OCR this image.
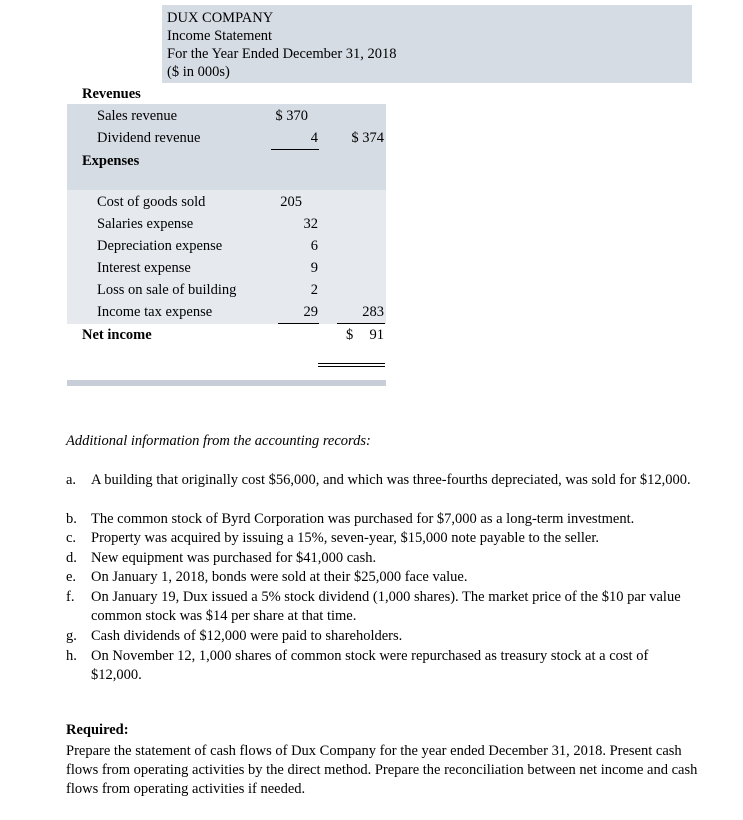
DUX COMPANY
Income Statement
For the Year Ended December 31, 2018
($ in 000s)
Revenues
Sales revenue	$ 370
Dividend revenue	4	$ 374
Expenses
Cost of goods sold	205
Salaries expense	32
Depreciation expense	6
Interest expense	9
Loss on sale of building	2
Income tax expense	29	283
Net income	$	91
Additional information from the accounting records:
a.	A building that originally cost $56,000, and which was three-fourths depreciated, was sold for $12,000.
b. The common stock of Byrd Corporation was purchased for $7,000 as a long-term investment.
c.	Property was acquired by issuing a 15%, seven-year, $15,000 note payable to the seller.
d. New equipment was purchased for $41,000 cash.
e.	On January 1, 2018, bonds were sold at their $25,000 face value.
f.	On January 19, Dux issued a 5% stock dividend (1,000 shares). The market price of the $10 par value common stock was $14 per share at that time.
g. Cash dividends of $12,000 were paid to shareholders.
h. On November 12, 1,000 shares of common stock were repurchased as treasury stock at a cost of $12,000.
Required:
Prepare the statement of cash flows of Dux Company for the year ended December 31, 2018. Present cash flows from operating activities by the direct method. Prepare the reconciliation between net income and cash flows from operating activities if needed.
